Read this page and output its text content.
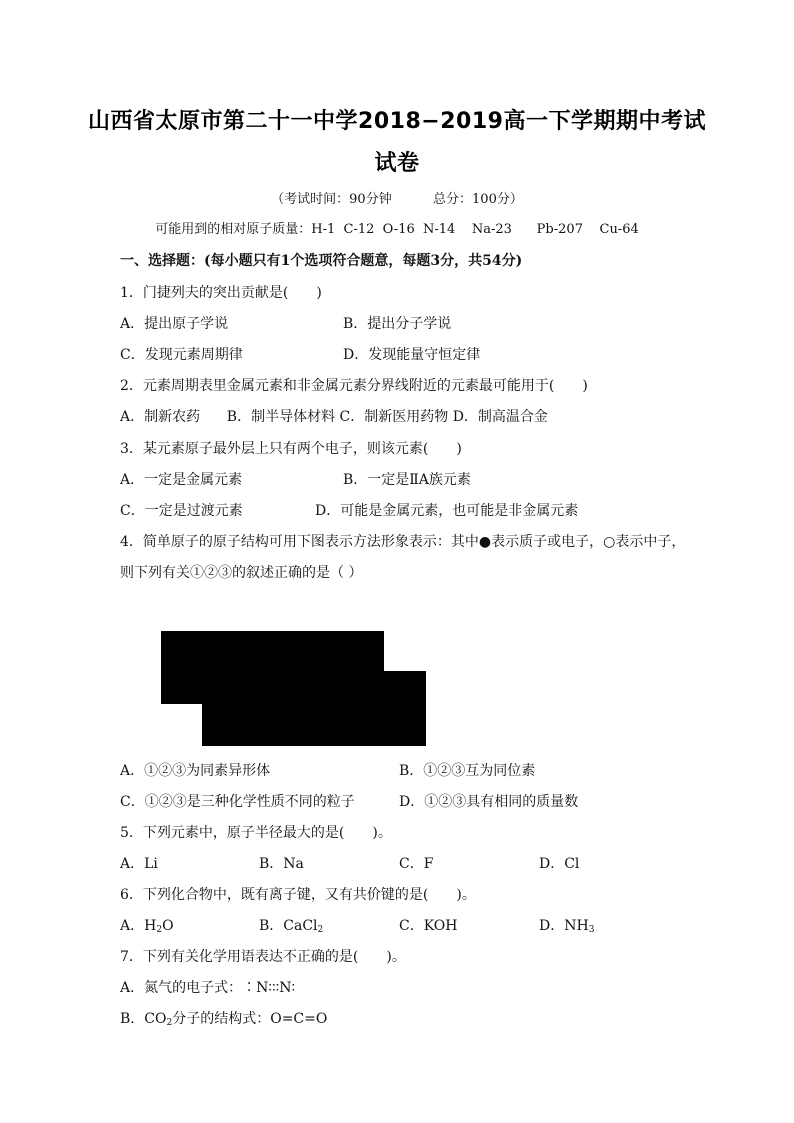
山西省太原市第二十一中学2018−2019高一下学期期中考试
试卷
（考试时间：90分钟          总分：100分）
可能用到的相对原子质量：H-1  C-12  O-16  N-14    Na-23      Pb-207    Cu-64
一、选择题：(每小题只有1个选项符合题意，每题3分，共54分)
1．门捷列夫的突出贡献是(　　)
A．提出原子学说	B．提出分子学说
C．发现元素周期律	D．发现能量守恒定律
2．元素周期表里金属元素和非金属元素分界线附近的元素最可能用于(　　)
A．制新农药      B．制半导体材料 C．制新医用药物 D．制高温合金
3．某元素原子最外层上只有两个电子，则该元素(　　)
A．一定是金属元素	B．一定是ⅡA族元素
C．一定是过渡元素	D．可能是金属元素，也可能是非金属元素
4．简单原子的原子结构可用下图表示方法形象表示：其中●表示质子或电子，○表示中子，
则下列有关①②③的叙述正确的是（ ）
A．①②③为同素异形体	B．①②③互为同位素
C．①②③是三种化学性质不同的粒子	D．①②③具有相同的质量数
5．下列元素中，原子半径最大的是(　　)。
A．Li	B．Na	C．F	D．Cl
6．下列化合物中，既有离子键，又有共价键的是(　　)。
A．$H_2O$	B．CaCl$_2$	C．KOH	D．$NH_3$
7．下列有关化学用语表达不正确的是(　　)。
A．氮气的电子式：∶N∶∶∶N∶
B．$CO_2$分子的结构式：O=C=O
